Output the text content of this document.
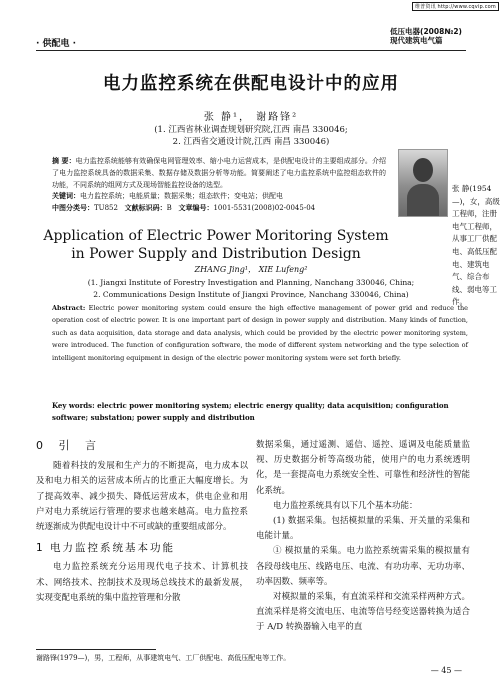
维普资讯 http://www.cqvip.com
· 供配电 ·
低压电器(2008№2)
现代建筑电气篇
电力监控系统在供配电设计中的应用
张 静¹， 谢路锋²
(1. 江西省林业调查规划研究院,江西 南昌 330046;
2. 江西省交通设计院,江西 南昌 330046)
摘 要：电力监控系统能够有效确保电网管理效率、缩小电力运营成本，是供配电设计的主要组成部分。介绍了电力监控系统具备的数据采集、数据存储及数据分析等功能。简要阐述了电力监控系统中监控组态软件的功能，不同系统的组网方式及现场智能监控设备的选型。
关键词：电力监控系统；电能质量；数据采集；组态软件；变电站；供配电
中图分类号：TU852 文献标识码：B 文章编号：1001-5531(2008)02-0045-04
张 静(1954—)，女，高级工程师，注册电气工程师，从事工厂供配电、高低压配电、建筑电气、综合布线、弱电等工作。
Application of Electric Power Moritoring System in Power Supply and Distribution Design
ZHANG Jing¹， XIE Lufeng²
(1. Jiangxi Institute of Forestry Investigation and Planning, Nanchang 330046, China;
2. Communications Design Institute of Jiangxi Province, Nanchang 330046, China)
Abstract: Electric power monitoring system could ensure the high effective management of power grid and reduce the operation cost of electric power. It is one important part of design in power supply and distribution. Many kinds of function, such as data acquisition, data storage and data analysis, which could be provided by the electric power monitoring system, were introduced. The function of configuration software, the mode of different system networking and the type selection of intelligent monitoring equipment in design of the electric power monitoring system were set forth briefly.
Key words: electric power monitoring system; electric energy quality; data acquisition; configuration software; substation; power supply and distribution
0 引 言

随着科技的发展和生产力的不断提高，电力成本以及和电力相关的运营成本所占的比重正大幅度增长。为了提高效率、减少损失、降低运营成本，供电企业和用户对电力系统运行管理的要求也越来越高。电力监控系统逐渐成为供配电设计中不可或缺的重要组成部分。

1 电力监控系统基本功能

电力监控系统充分运用现代电子技术、计算机技术、网络技术、控制技术及现场总线技术的最新发展，实现变配电系统的集中监控管理和分散

数据采集，通过遥测、遥信、遥控、遥调及电能质量监视、历史数据分析等高级功能，使用户的电力系统透明化，是一套提高电力系统安全性、可靠性和经济性的智能化系统。

电力监控系统具有以下几个基本功能：

(1) 数据采集。包括模拟量的采集、开关量的采集和电能计量。

① 模拟量的采集。电力监控系统需采集的模拟量有各段母线电压、线路电压、电流、有功功率、无功功率、功率因数、频率等。

对模拟量的采集，有直流采样和交流采样两种方式。直流采样是将交流电压、电流等信号经变送器转换为适合于 A/D 转换器输入电平的直

谢路锋(1979—)，男，工程师，从事建筑电气、工厂供配电、高低压配电等工作。
— 45 —
